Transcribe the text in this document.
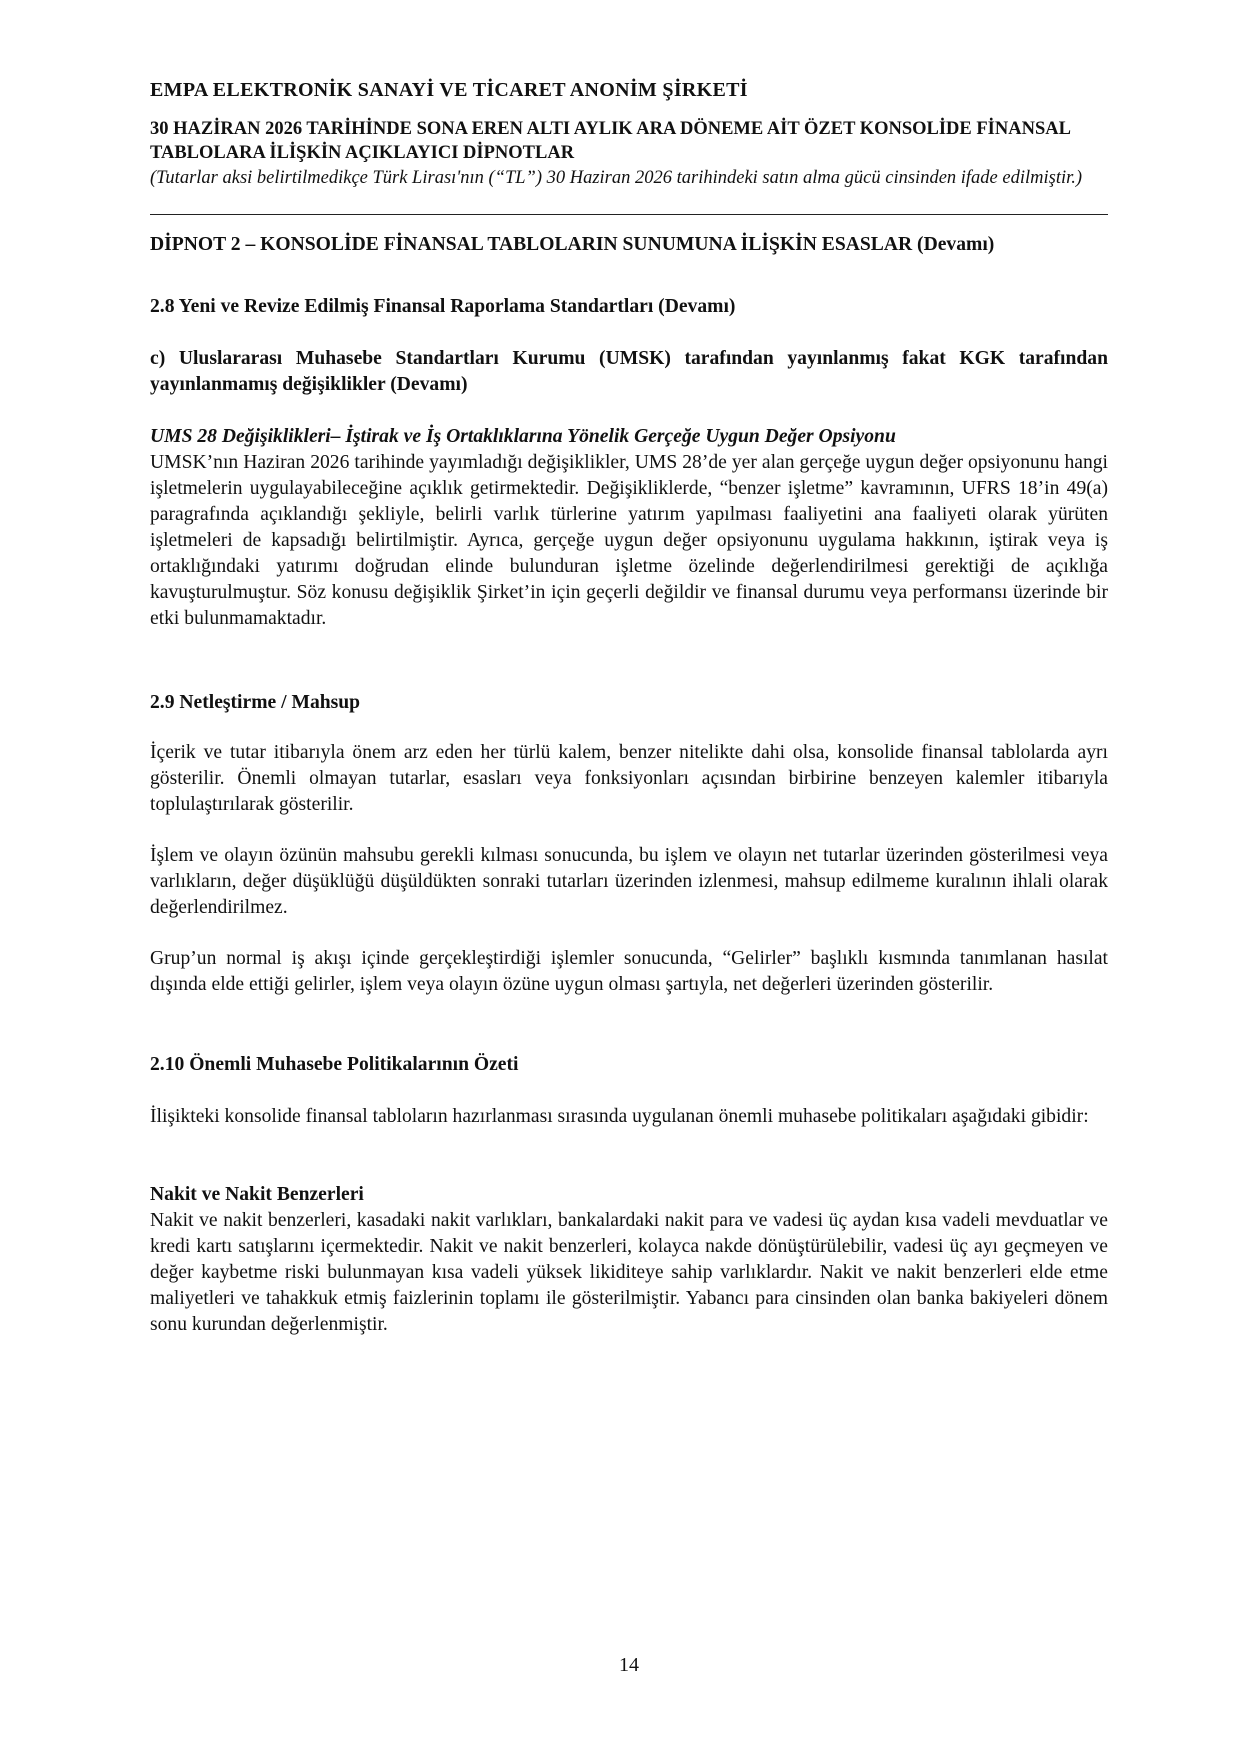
EMPA ELEKTRONİK SANAYİ VE TİCARET ANONİM ŞİRKETİ
30 HAZİRAN 2026 TARİHİNDE SONA EREN ALTI AYLIK ARA DÖNEME AİT ÖZET KONSOLİDE FİNANSAL TABLOLARA İLİŞKİN AÇIKLAYICI DİPNOTLAR
(Tutarlar aksi belirtilmedikçe Türk Lirası'nın (“TL”) 30 Haziran 2026 tarihindeki satın alma gücü cinsinden ifade edilmiştir.)

DİPNOT 2 – KONSOLİDE FİNANSAL TABLOLARIN SUNUMUNA İLİŞKİN ESASLAR (Devamı)

2.8 Yeni ve Revize Edilmiş Finansal Raporlama Standartları (Devamı)

c) Uluslararası Muhasebe Standartları Kurumu (UMSK) tarafından yayınlanmış fakat KGK tarafından yayınlanmamış değişiklikler (Devamı)

UMS 28 Değişiklikleri– İştirak ve İş Ortaklıklarına Yönelik Gerçeğe Uygun Değer Opsiyonu
UMSK’nın Haziran 2026 tarihinde yayımladığı değişiklikler, UMS 28’de yer alan gerçeğe uygun değer opsiyonunu hangi işletmelerin uygulayabileceğine açıklık getirmektedir. Değişikliklerde, “benzer işletme” kavramının, UFRS 18’in 49(a) paragrafında açıklandığı şekliyle, belirli varlık türlerine yatırım yapılması faaliyetini ana faaliyeti olarak yürüten işletmeleri de kapsadığı belirtilmiştir. Ayrıca, gerçeğe uygun değer opsiyonunu uygulama hakkının, iştirak veya iş ortaklığındaki yatırımı doğrudan elinde bulunduran işletme özelinde değerlendirilmesi gerektiği de açıklığa kavuşturulmuştur. Söz konusu değişiklik Şirket’in için geçerli değildir ve finansal durumu veya performansı üzerinde bir etki bulunmamaktadır.

2.9 Netleştirme / Mahsup

İçerik ve tutar itibarıyla önem arz eden her türlü kalem, benzer nitelikte dahi olsa, konsolide finansal tablolarda ayrı gösterilir. Önemli olmayan tutarlar, esasları veya fonksiyonları açısından birbirine benzeyen kalemler itibarıyla toplulaştırılarak gösterilir.

İşlem ve olayın özünün mahsubu gerekli kılması sonucunda, bu işlem ve olayın net tutarlar üzerinden gösterilmesi veya varlıkların, değer düşüklüğü düşüldükten sonraki tutarları üzerinden izlenmesi, mahsup edilmeme kuralının ihlali olarak değerlendirilmez.

Grup’un normal iş akışı içinde gerçekleştirdiği işlemler sonucunda, “Gelirler” başlıklı kısmında tanımlanan hasılat dışında elde ettiği gelirler, işlem veya olayın özüne uygun olması şartıyla, net değerleri üzerinden gösterilir.

2.10 Önemli Muhasebe Politikalarının Özeti

İlişikteki konsolide finansal tabloların hazırlanması sırasında uygulanan önemli muhasebe politikaları aşağıdaki gibidir:

Nakit ve Nakit Benzerleri
Nakit ve nakit benzerleri, kasadaki nakit varlıkları, bankalardaki nakit para ve vadesi üç aydan kısa vadeli mevduatlar ve kredi kartı satışlarını içermektedir. Nakit ve nakit benzerleri, kolayca nakde dönüştürülebilir, vadesi üç ayı geçmeyen ve değer kaybetme riski bulunmayan kısa vadeli yüksek likiditeye sahip varlıklardır. Nakit ve nakit benzerleri elde etme maliyetleri ve tahakkuk etmiş faizlerinin toplamı ile gösterilmiştir. Yabancı para cinsinden olan banka bakiyeleri dönem sonu kurundan değerlenmiştir.
14
